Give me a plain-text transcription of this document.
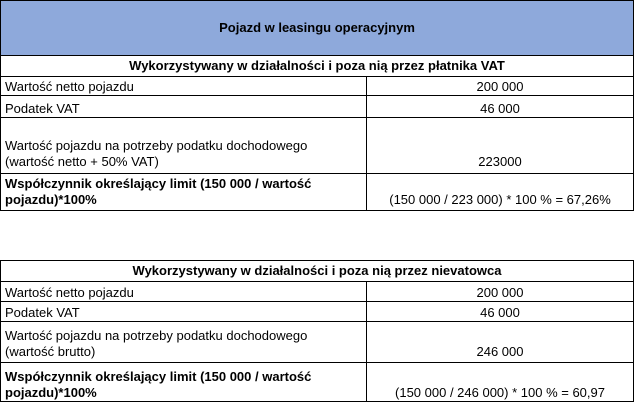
Pojazd w leasingu operacyjnym	
Wykorzystywany w działalności i poza nią przez płatnika VAT	
Wartość netto pojazdu	200 000
Podatek VAT	46 000

Wartość pojazdu na potrzeby podatku dochodowego
(wartość netto + 50% VAT)	223000

Współczynnik określający limit (150 000 / wartość
pojazdu)*100%	(150 000 / 223 000) * 100 % = 67,26%
Wykorzystywany w działalności i poza nią przez nievatowca	
Wartość netto pojazdu	200 000
Podatek VAT	46 000

Wartość pojazdu na potrzeby podatku dochodowego
(wartość brutto)	246 000

Współczynnik określający limit (150 000 / wartość
pojazdu)*100%	(150 000 / 246 000) * 100 % = 60,97
